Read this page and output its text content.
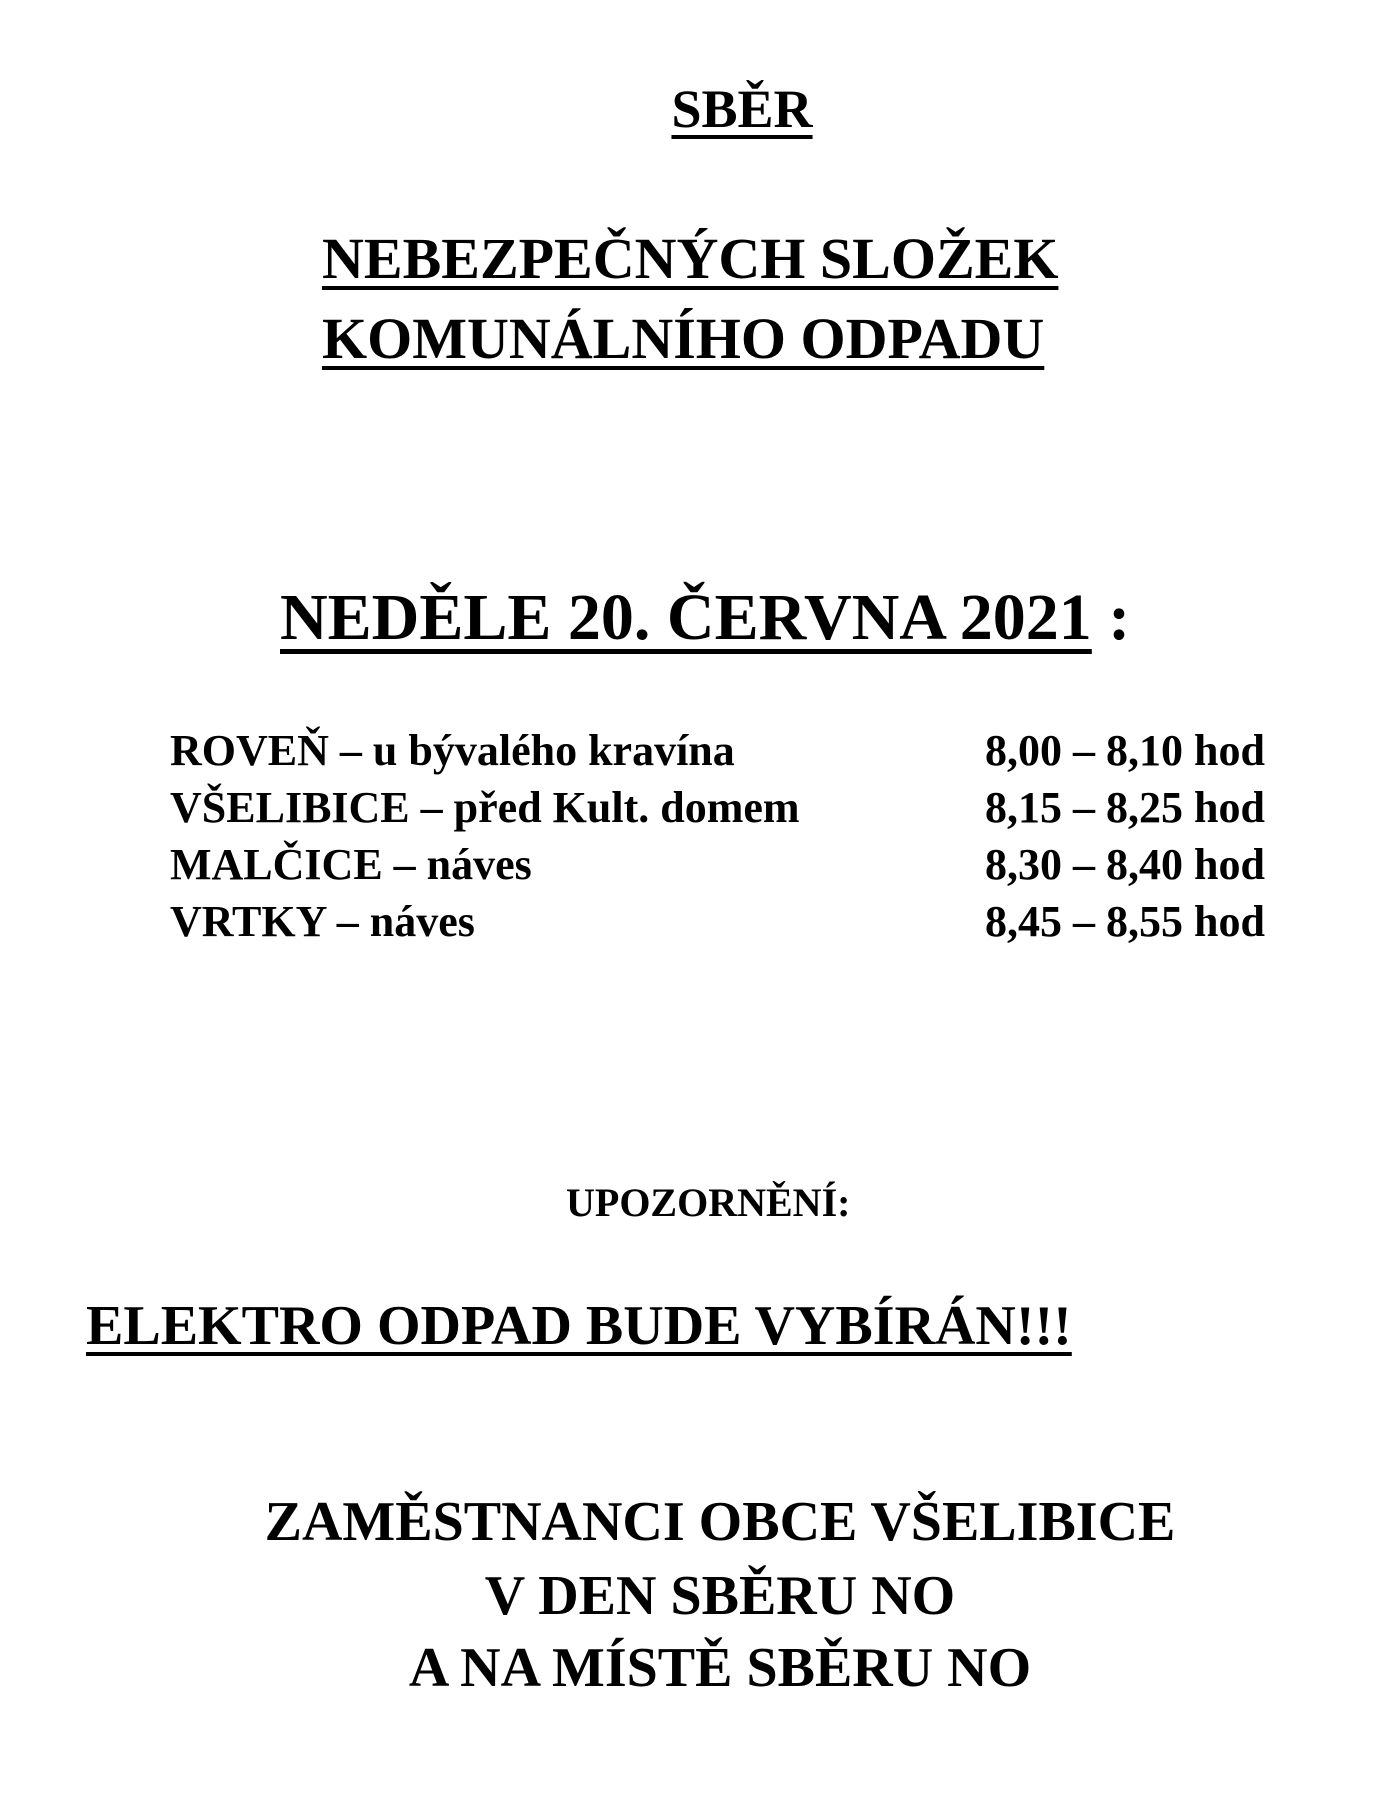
SBĚR
NEBEZPEČNÝCH SLOŽEK
KOMUNÁLNÍHO ODPADU
NEDĚLE 20. ČERVNA 2021 :
ROVEŇ – u bývalého kravína	8,00 – 8,10 hod
VŠELIBICE – před Kult. domem	8,15 – 8,25 hod
MALČICE – náves	8,30 – 8,40 hod
VRTKY – náves	8,45 – 8,55 hod
UPOZORNĚNÍ:
ELEKTRO ODPAD BUDE VYBÍRÁN!!!
ZAMĚSTNANCI OBCE VŠELIBICE
V DEN SBĚRU NO
A NA MÍSTĚ SBĚRU NO
